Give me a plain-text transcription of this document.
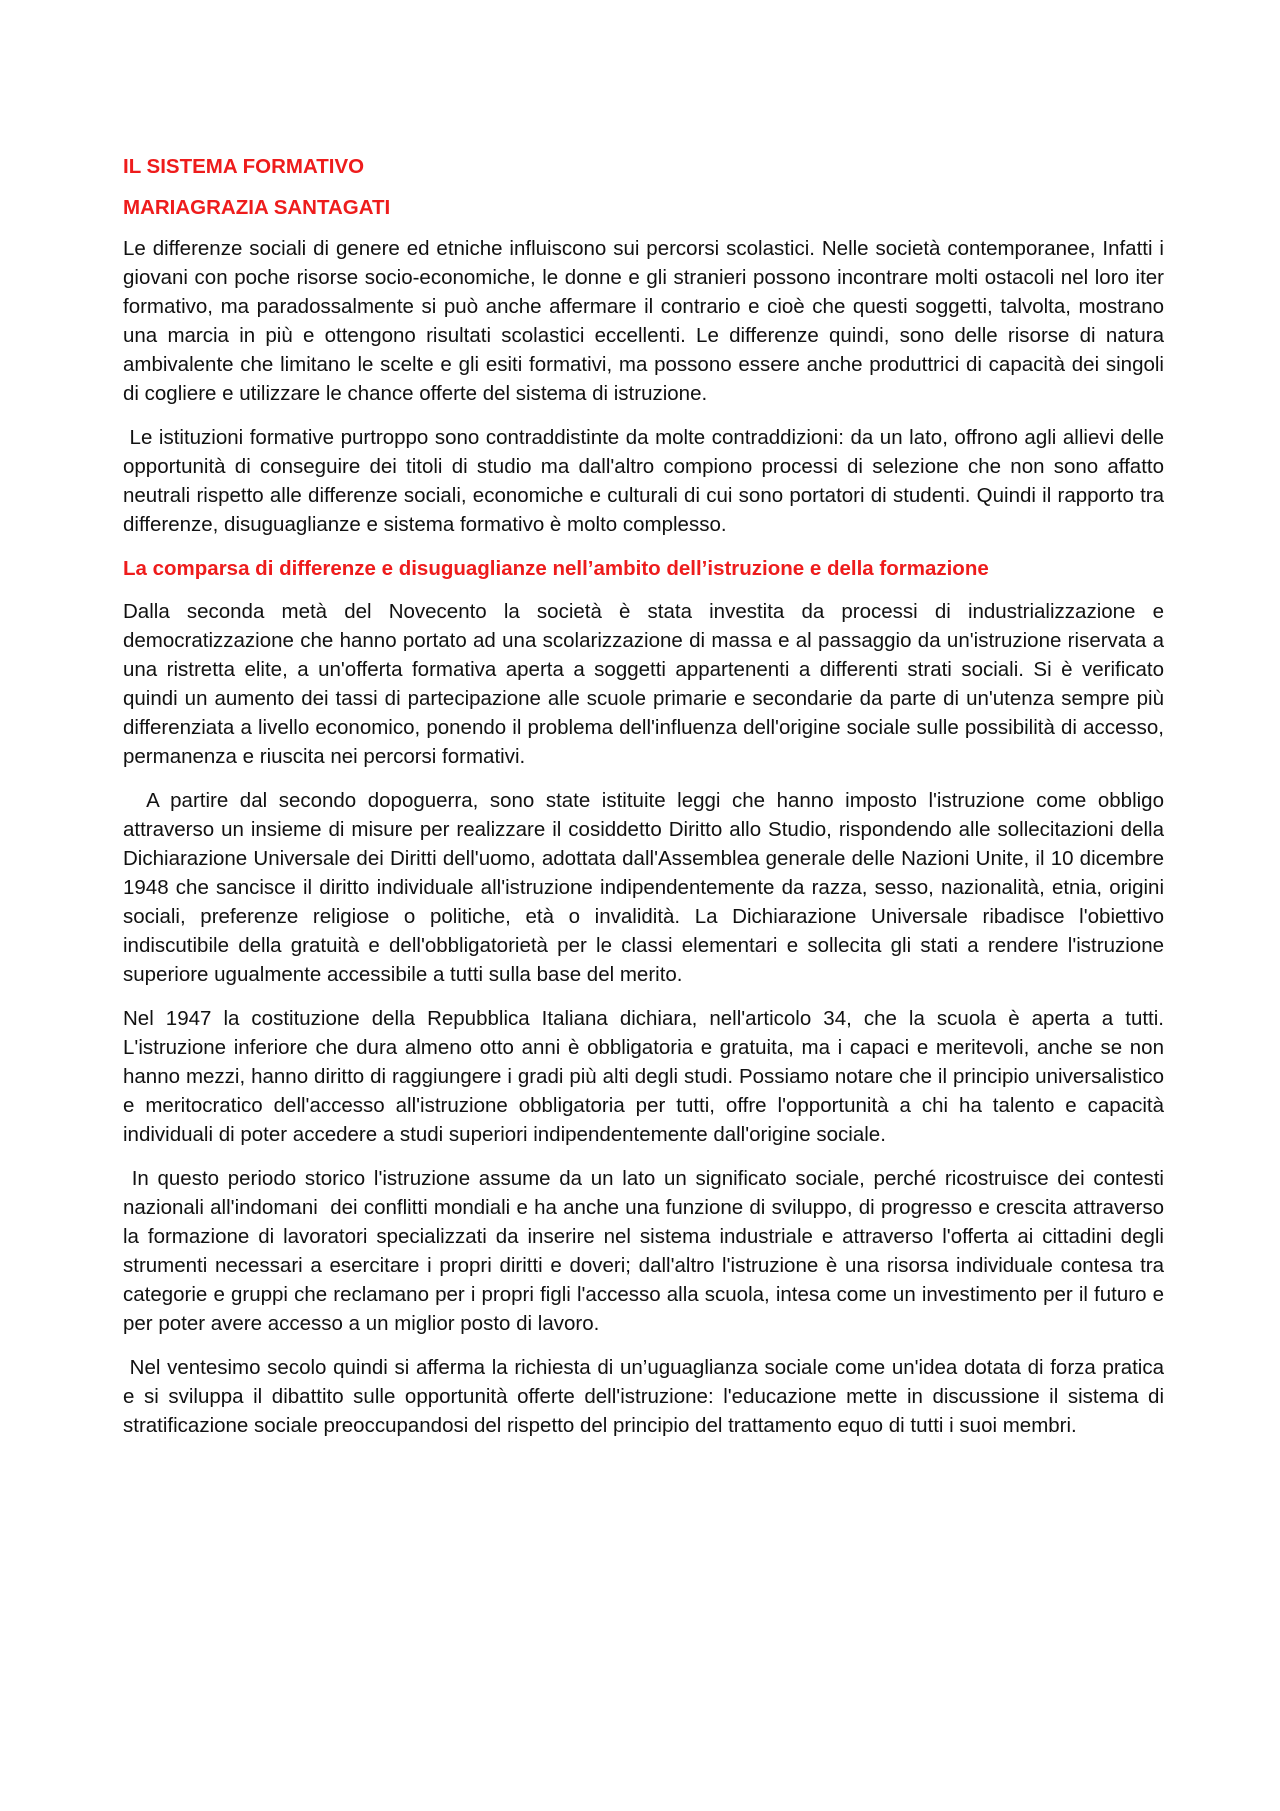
IL SISTEMA FORMATIVO

MARIAGRAZIA SANTAGATI

Le differenze sociali di genere ed etniche influiscono sui percorsi scolastici. Nelle società contemporanee, Infatti i giovani con poche risorse socio-economiche, le donne e gli stranieri possono incontrare molti ostacoli nel loro iter formativo, ma paradossalmente si può anche affermare il contrario e cioè che questi soggetti, talvolta, mostrano una marcia in più e ottengono risultati scolastici eccellenti. Le differenze quindi, sono delle risorse di natura ambivalente che limitano le scelte e gli esiti formativi, ma possono essere anche produttrici di capacità dei singoli di cogliere e utilizzare le chance offerte del sistema di istruzione.

Le istituzioni formative purtroppo sono contraddistinte da molte contraddizioni: da un lato, offrono agli allievi delle opportunità di conseguire dei titoli di studio ma dall'altro compiono processi di selezione che non sono affatto neutrali rispetto alle differenze sociali, economiche e culturali di cui sono portatori di studenti. Quindi il rapporto tra differenze, disuguaglianze e sistema formativo è molto complesso.

La comparsa di differenze e disuguaglianze nell’ambito dell’istruzione e della formazione

Dalla seconda metà del Novecento la società è stata investita da processi di industrializzazione e democratizzazione che hanno portato ad una scolarizzazione di massa e al passaggio da un'istruzione riservata a una ristretta elite, a un'offerta formativa aperta a soggetti appartenenti a differenti strati sociali. Si è verificato quindi un aumento dei tassi di partecipazione alle scuole primarie e secondarie da parte di un'utenza sempre più differenziata a livello economico, ponendo il problema dell'influenza dell'origine sociale sulle possibilità di accesso, permanenza e riuscita nei percorsi formativi.

A partire dal secondo dopoguerra, sono state istituite leggi che hanno imposto l'istruzione come obbligo attraverso un insieme di misure per realizzare il cosiddetto Diritto allo Studio, rispondendo alle sollecitazioni della Dichiarazione Universale dei Diritti dell'uomo, adottata dall'Assemblea generale delle Nazioni Unite, il 10 dicembre 1948 che sancisce il diritto individuale all'istruzione indipendentemente da razza, sesso, nazionalità, etnia, origini sociali, preferenze religiose o politiche, età o invalidità. La Dichiarazione Universale ribadisce l'obiettivo indiscutibile della gratuità e dell'obbligatorietà per le classi elementari e sollecita gli stati a rendere l'istruzione superiore ugualmente accessibile a tutti sulla base del merito.

Nel 1947 la costituzione della Repubblica Italiana dichiara, nell'articolo 34, che la scuola è aperta a tutti. L'istruzione inferiore che dura almeno otto anni è obbligatoria e gratuita, ma i capaci e meritevoli, anche se non hanno mezzi, hanno diritto di raggiungere i gradi più alti degli studi. Possiamo notare che il principio universalistico e meritocratico dell'accesso all'istruzione obbligatoria per tutti, offre l'opportunità a chi ha talento e capacità individuali di poter accedere a studi superiori indipendentemente dall'origine sociale.

In questo periodo storico l'istruzione assume da un lato un significato sociale, perché ricostruisce dei contesti nazionali all'indomani  dei conflitti mondiali e ha anche una funzione di sviluppo, di progresso e crescita attraverso la formazione di lavoratori specializzati da inserire nel sistema industriale e attraverso l'offerta ai cittadini degli strumenti necessari a esercitare i propri diritti e doveri; dall'altro l'istruzione è una risorsa individuale contesa tra categorie e gruppi che reclamano per i propri figli l'accesso alla scuola, intesa come un investimento per il futuro e per poter avere accesso a un miglior posto di lavoro.

Nel ventesimo secolo quindi si afferma la richiesta di un’uguaglianza sociale come un'idea dotata di forza pratica e si sviluppa il dibattito sulle opportunità offerte dell'istruzione: l'educazione mette in discussione il sistema di stratificazione sociale preoccupandosi del rispetto del principio del trattamento equo di tutti i suoi membri.
